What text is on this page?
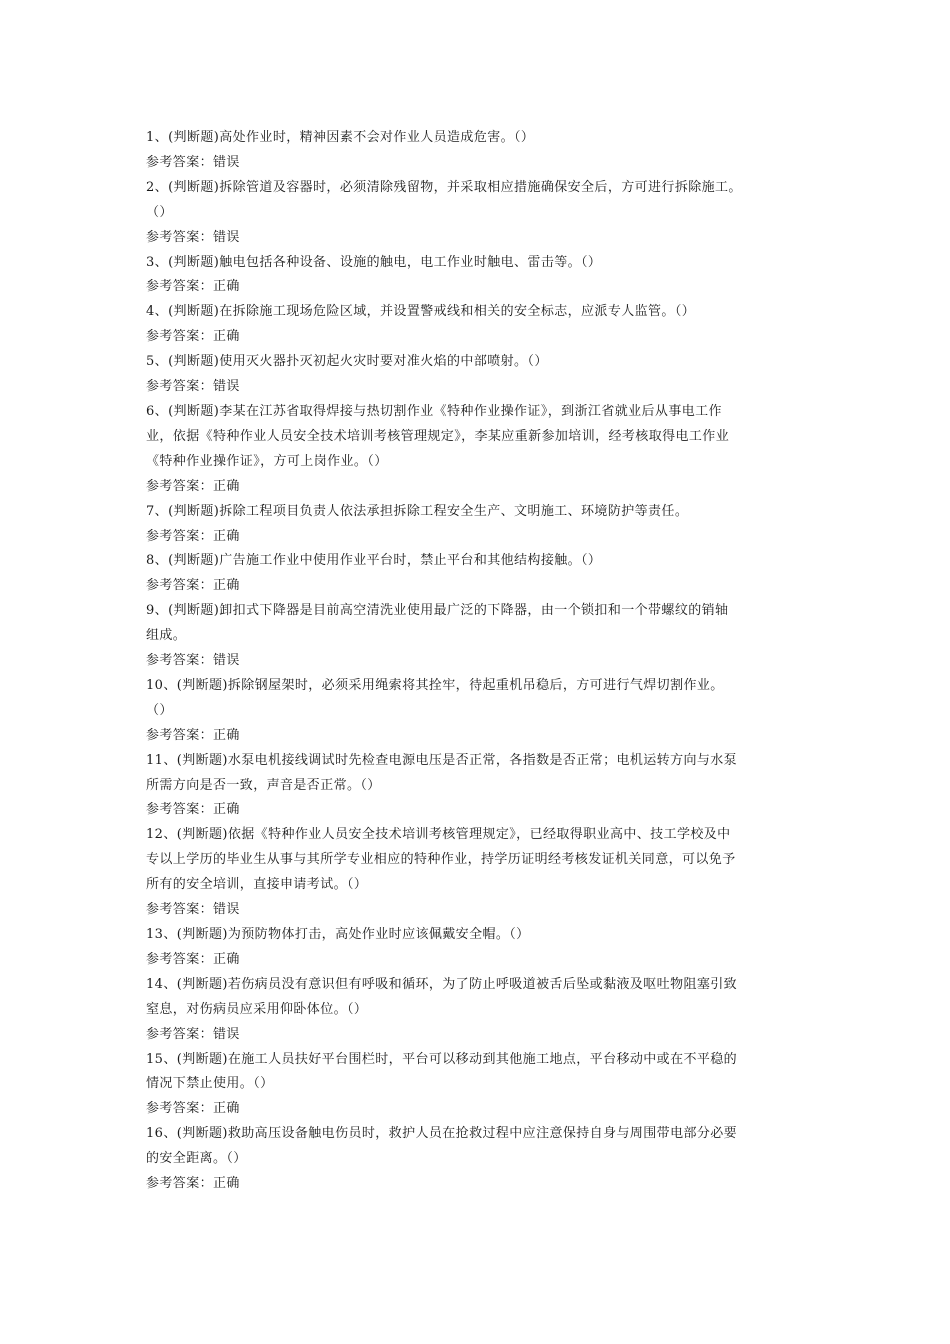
1、(判断题)高处作业时，精神因素不会对作业人员造成危害。（）
参考答案：错误
2、(判断题)拆除管道及容器时，必须清除残留物，并采取相应措施确保安全后，方可进行拆除施工。
（）
参考答案：错误
3、(判断题)触电包括各种设备、设施的触电，电工作业时触电、雷击等。（）
参考答案：正确
4、(判断题)在拆除施工现场危险区域，并设置警戒线和相关的安全标志，应派专人监管。（）
参考答案：正确
5、(判断题)使用灭火器扑灭初起火灾时要对准火焰的中部喷射。（）
参考答案：错误
6、(判断题)李某在江苏省取得焊接与热切割作业《特种作业操作证》，到浙江省就业后从事电工作
业，依据《特种作业人员安全技术培训考核管理规定》，李某应重新参加培训，经考核取得电工作业
《特种作业操作证》，方可上岗作业。（）
参考答案：正确
7、(判断题)拆除工程项目负责人依法承担拆除工程安全生产、文明施工、环境防护等责任。
参考答案：正确
8、(判断题)广告施工作业中使用作业平台时，禁止平台和其他结构接触。（）
参考答案：正确
9、(判断题)卸扣式下降器是目前高空清洗业使用最广泛的下降器，由一个锁扣和一个带螺纹的销轴
组成。
参考答案：错误
10、(判断题)拆除钢屋架时，必须采用绳索将其拴牢，待起重机吊稳后，方可进行气焊切割作业。
（）
参考答案：正确
11、(判断题)水泵电机接线调试时先检查电源电压是否正常，各指数是否正常；电机运转方向与水泵
所需方向是否一致，声音是否正常。（）
参考答案：正确
12、(判断题)依据《特种作业人员安全技术培训考核管理规定》，已经取得职业高中、技工学校及中
专以上学历的毕业生从事与其所学专业相应的特种作业，持学历证明经考核发证机关同意，可以免予
所有的安全培训，直接申请考试。（）
参考答案：错误
13、(判断题)为预防物体打击，高处作业时应该佩戴安全帽。（）
参考答案：正确
14、(判断题)若伤病员没有意识但有呼吸和循环，为了防止呼吸道被舌后坠或黏液及呕吐物阻塞引致
窒息，对伤病员应采用仰卧体位。（）
参考答案：错误
15、(判断题)在施工人员扶好平台围栏时，平台可以移动到其他施工地点，平台移动中或在不平稳的
情况下禁止使用。（）
参考答案：正确
16、(判断题)救助高压设备触电伤员时，救护人员在抢救过程中应注意保持自身与周围带电部分必要
的安全距离。（）
参考答案：正确
